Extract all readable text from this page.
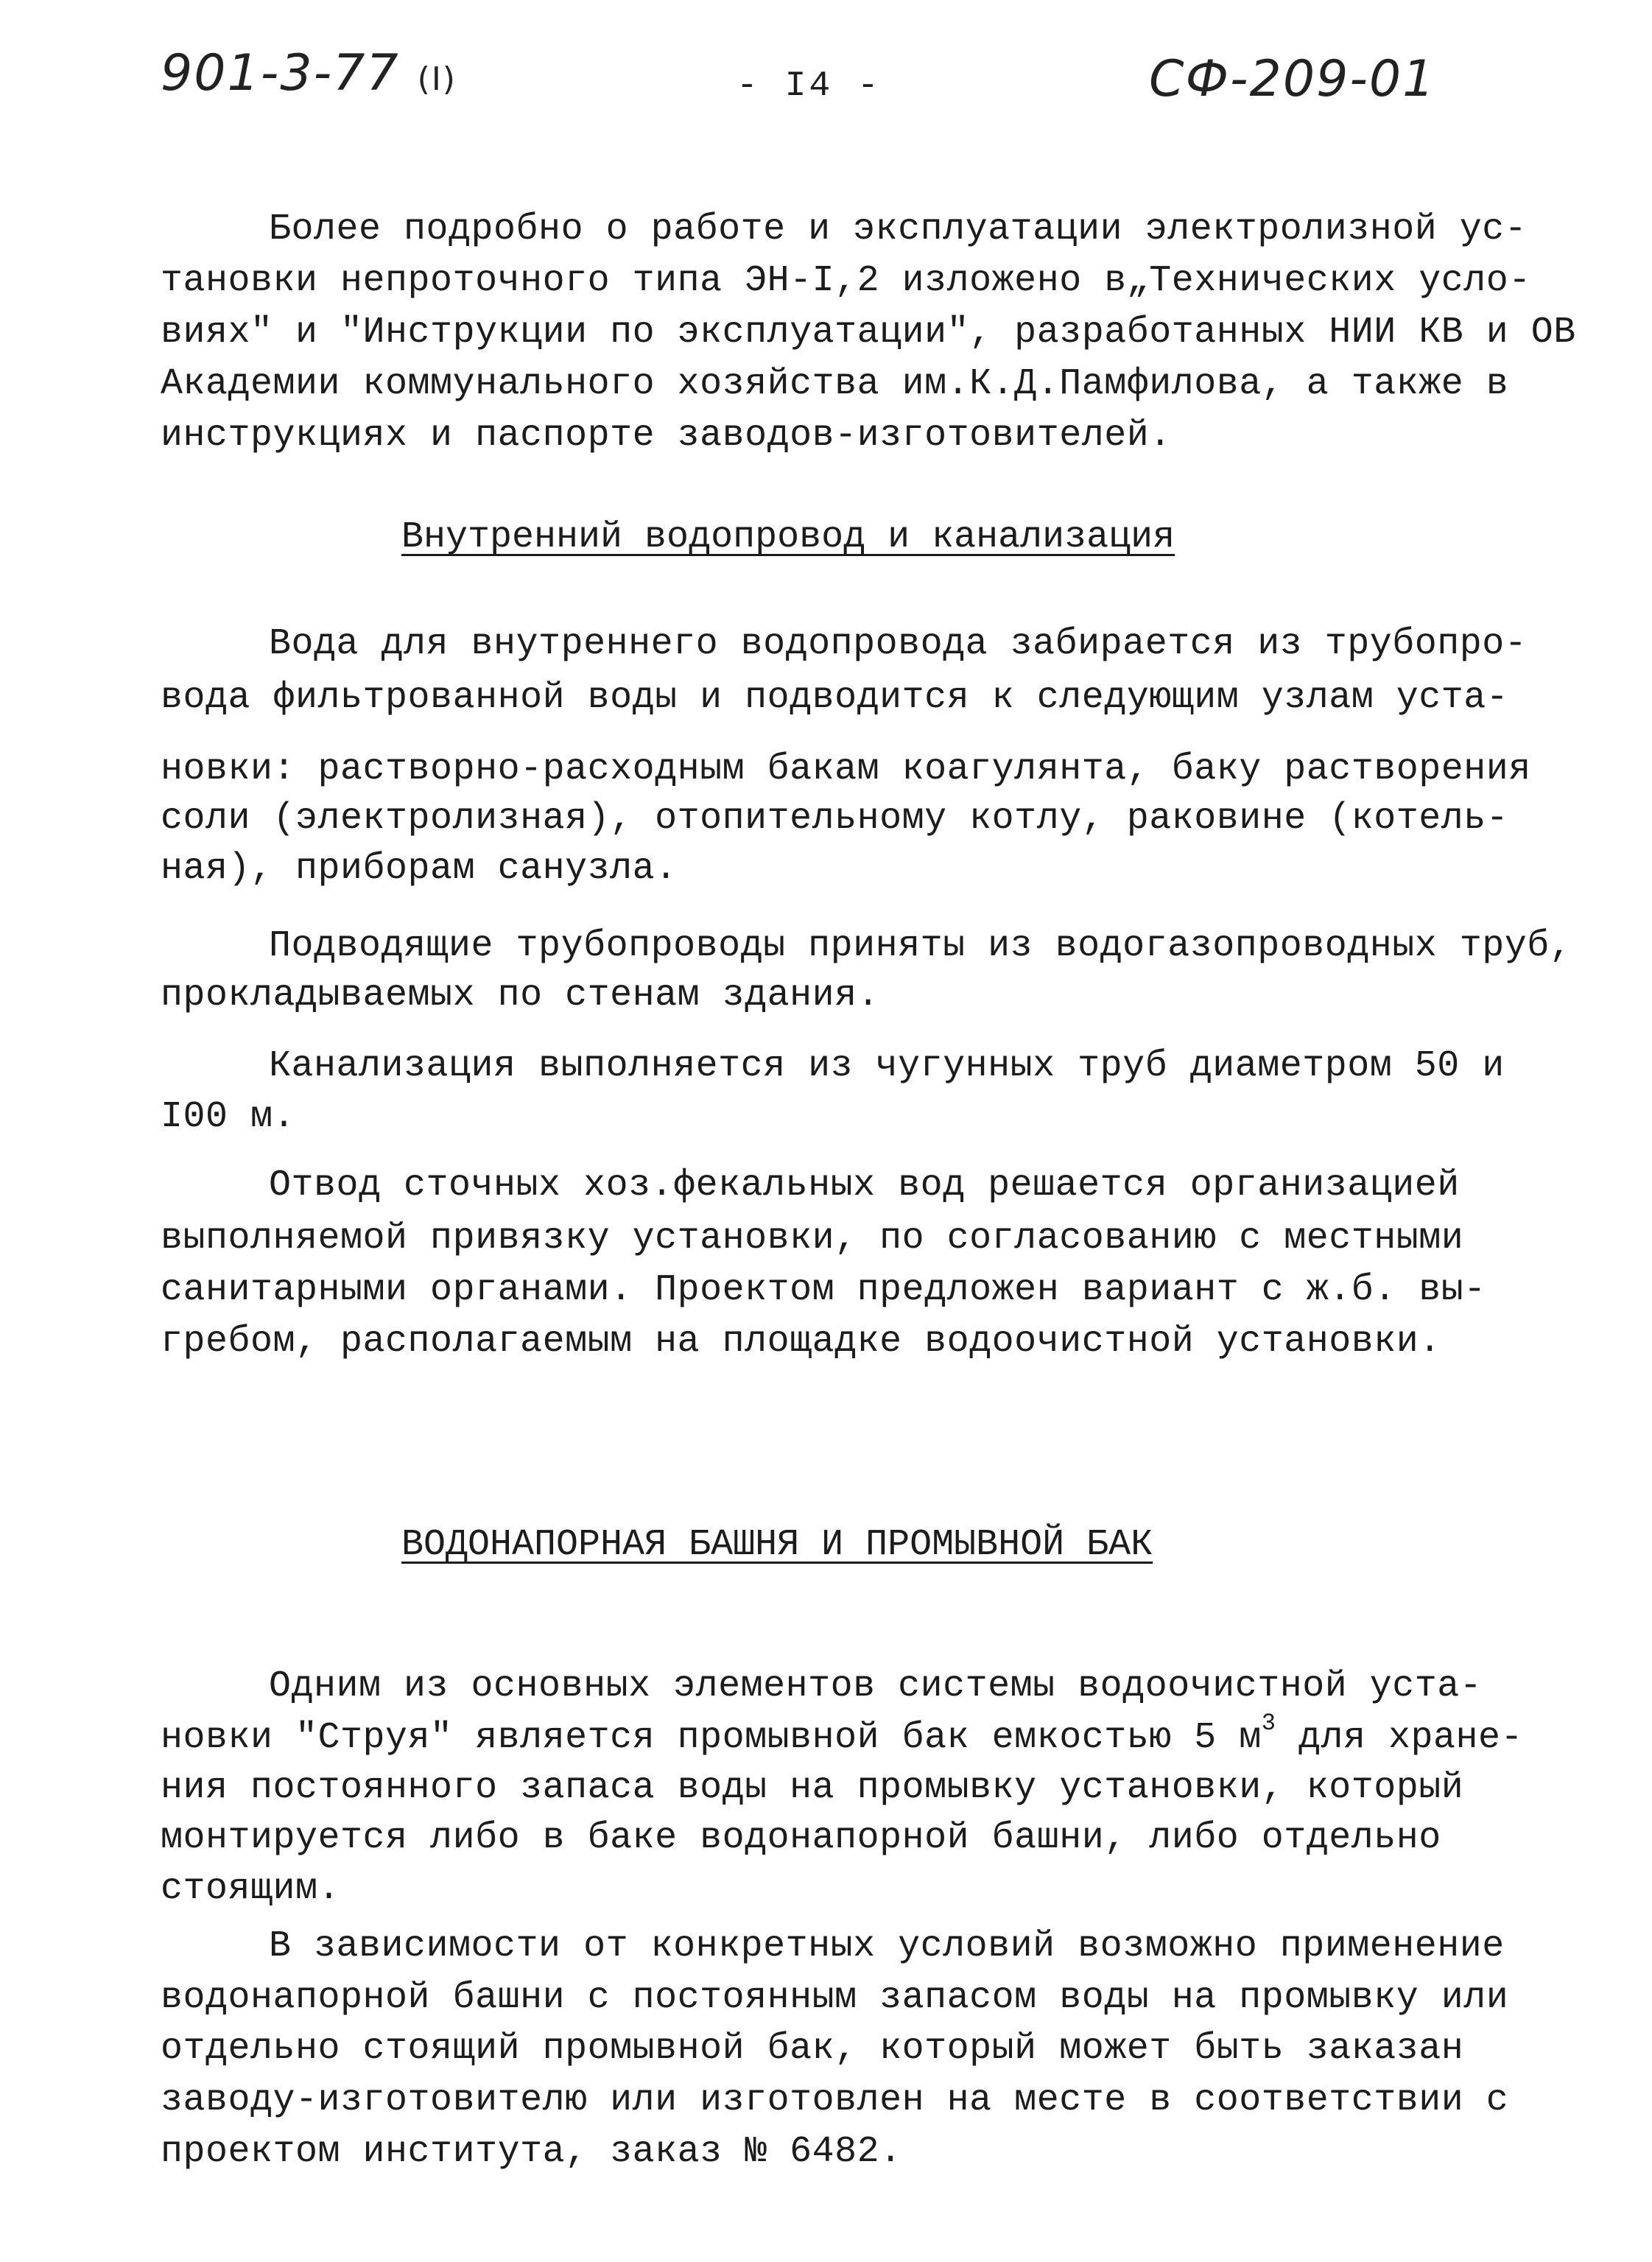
901-3-77 (I)	- I4 -	СФ-209-01
Более подробно о работе и эксплуатации электролизной ус-
тановки непроточного типа ЭН-I,2 изложено в„Технических усло-
виях" и "Инструкции по эксплуатации", разработанных НИИ КВ и ОВ
Академии коммунального хозяйства им.К.Д.Памфилова, а также в
инструкциях и паспорте заводов-изготовителей.
Внутренний водопровод и канализация
Вода для внутреннего водопровода забирается из трубопро-
вода фильтрованной воды и подводится к следующим узлам уста-
новки: растворно-расходным бакам коагулянта, баку растворения
соли (электролизная), отопительному котлу, раковине (котель-
ная), приборам санузла.
Подводящие трубопроводы приняты из водогазопроводных труб,
прокладываемых по стенам здания.
Канализация выполняется из чугунных труб диаметром 50 и
I00 м.
Отвод сточных хоз.фекальных вод решается организацией
выполняемой привязку установки, по согласованию с местными
санитарными органами. Проектом предложен вариант с ж.б. вы-
гребом, располагаемым на площадке водоочистной установки.
ВОДОНАПОРНАЯ БАШНЯ И ПРОМЫВНОЙ БАК
Одним из основных элементов системы водоочистной уста-
новки "Струя" является промывной бак емкостью 5 $м^3$ для хране-
ния постоянного запаса воды на промывку установки, который
монтируется либо в баке водонапорной башни, либо отдельно
стоящим.
В зависимости от конкретных условий возможно применение
водонапорной башни с постоянным запасом воды на промывку или
отдельно стоящий промывной бак, который может быть заказан
заводу-изготовителю или изготовлен на месте в соответствии с
проектом института, заказ № 6482.
